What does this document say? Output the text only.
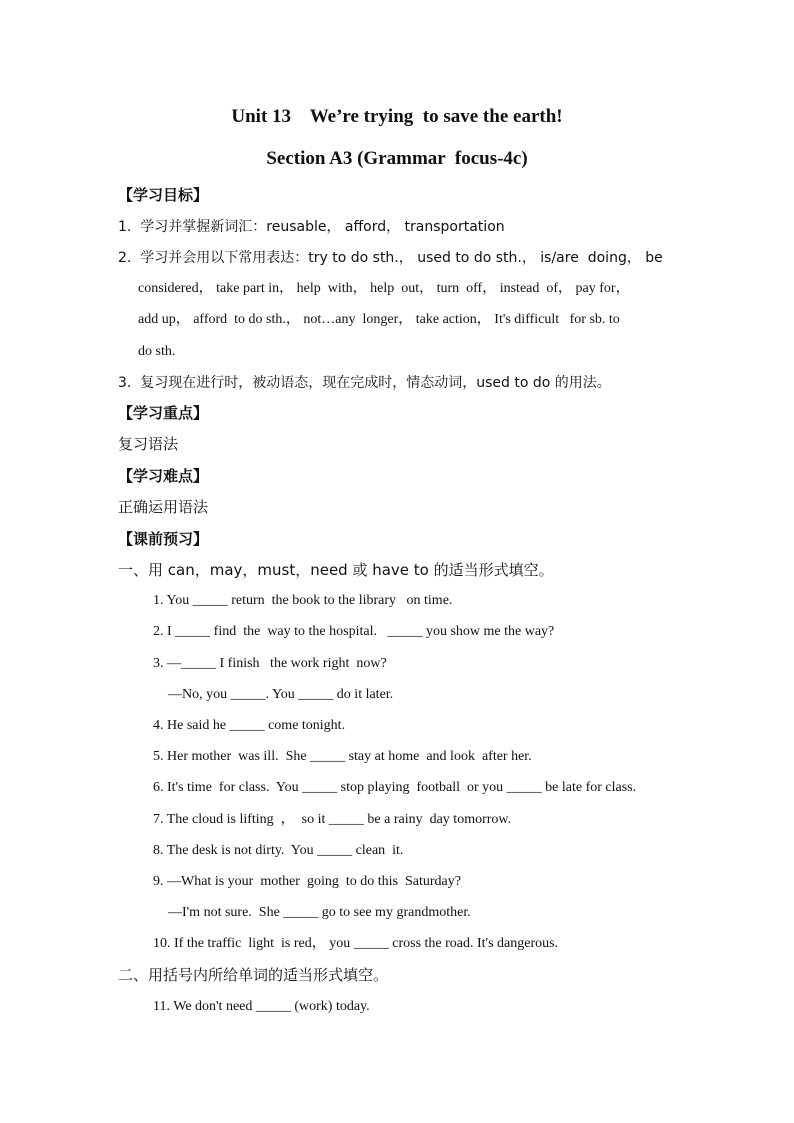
Unit 13    We’re trying  to save the earth!
Section A3 (Grammar  focus-4c)
【学习目标】
1.  学习并掌握新词汇：reusable， afford， transportation
2.  学习并会用以下常用表达：try to do sth.， used to do sth.， is/are  doing， be
considered， take part in， help  with， help  out， turn  off， instead  of， pay for，
add up， afford  to do sth.， not…any  longer， take action， It's difficult   for sb. to
do sth.
3.  复习现在进行时，被动语态，现在完成时，情态动词，used to do 的用法。
【学习重点】
复习语法
【学习难点】
正确运用语法
【课前预习】
一、用 can，may，must，need 或 have to 的适当形式填空。
1. You _____ return  the book to the library   on time.
2. I _____ find  the  way to the hospital.   _____ you show me the way?
3. —_____ I finish   the work right  now?
—No, you _____. You _____ do it later.
4. He said he _____ come tonight.
5. Her mother  was ill.  She _____ stay at home  and look  after her.
6. It's time  for class.  You _____ stop playing  football  or you _____ be late for class.
7. The cloud is lifting  ，  so it _____ be a rainy  day tomorrow.
8. The desk is not dirty.  You _____ clean  it.
9. —What is your  mother  going  to do this  Saturday?
—I'm not sure.  She _____ go to see my grandmother.
10. If the traffic  light  is red， you _____ cross the road. It's dangerous.
二、用括号内所给单词的适当形式填空。
11. We don't need _____ (work) today.
